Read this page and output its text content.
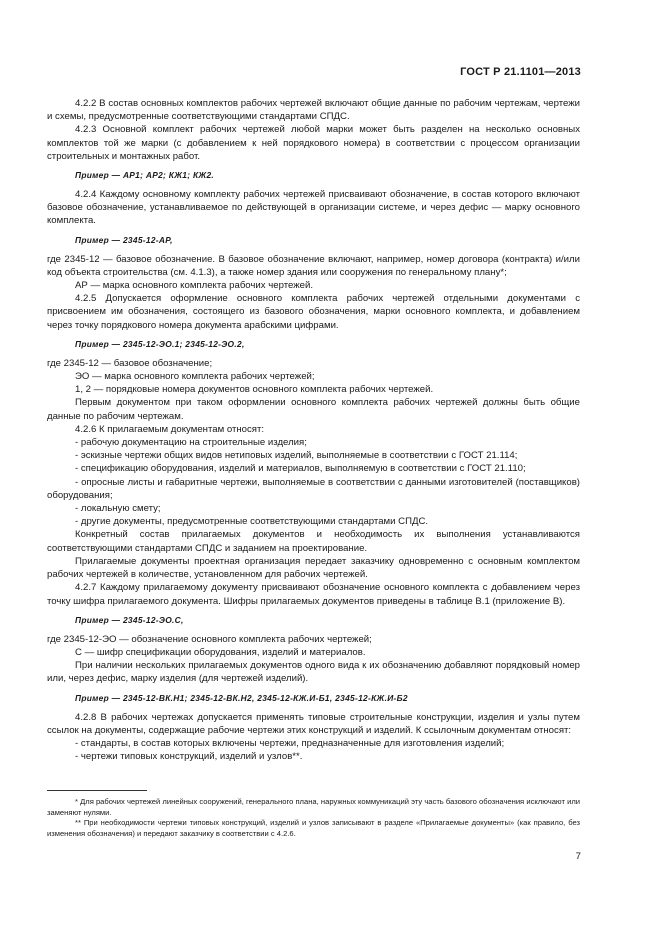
ГОСТ Р 21.1101—2013

4.2.2 В состав основных комплектов рабочих чертежей включают общие данные по рабочим чертежам, чертежи и схемы, предусмотренные соответствующими стандартами СПДС.

4.2.3 Основной комплект рабочих чертежей любой марки может быть разделен на несколько основных комплектов той же марки (с добавлением к ней порядкового номера) в соответствии с процессом организации строительных и монтажных работ.

Пример — АР1; АР2; КЖ1; КЖ2.

4.2.4 Каждому основному комплекту рабочих чертежей присваивают обозначение, в состав которого включают базовое обозначение, устанавливаемое по действующей в организации системе, и через дефис — марку основного комплекта.

Пример — 2345-12-АР,

где 2345-12 — базовое обозначение. В базовое обозначение включают, например, номер договора (контракта) и/или код объекта строительства (см. 4.1.3), а также номер здания или сооружения по генеральному плану*;

АР — марка основного комплекта рабочих чертежей.

4.2.5 Допускается оформление основного комплекта рабочих чертежей отдельными документами с присвоением им обозначения, состоящего из базового обозначения, марки основного комплекта, и добавлением через точку порядкового номера документа арабскими цифрами.

Пример — 2345-12-ЭО.1; 2345-12-ЭО.2,

где 2345-12 — базовое обозначение;

ЭО — марка основного комплекта рабочих чертежей;

1, 2 — порядковые номера документов основного комплекта рабочих чертежей.

Первым документом при таком оформлении основного комплекта рабочих чертежей должны быть общие данные по рабочим чертежам.

4.2.6 К прилагаемым документам относят:

- рабочую документацию на строительные изделия;

- эскизные чертежи общих видов нетиповых изделий, выполняемые в соответствии с ГОСТ 21.114;

- спецификацию оборудования, изделий и материалов, выполняемую в соответствии с ГОСТ 21.110;

- опросные листы и габаритные чертежи, выполняемые в соответствии с данными изготовителей (поставщиков) оборудования;

- локальную смету;

- другие документы, предусмотренные соответствующими стандартами СПДС.

Конкретный состав прилагаемых документов и необходимость их выполнения устанавливаются соответствующими стандартами СПДС и заданием на проектирование.

Прилагаемые документы проектная организация передает заказчику одновременно с основным комплектом рабочих чертежей в количестве, установленном для рабочих чертежей.

4.2.7 Каждому прилагаемому документу присваивают обозначение основного комплекта с добавлением через точку шифра прилагаемого документа. Шифры прилагаемых документов приведены в таблице В.1 (приложение В).

Пример — 2345-12-ЭО.С,

где 2345-12-ЭО — обозначение основного комплекта рабочих чертежей;

С — шифр спецификации оборудования, изделий и материалов.

При наличии нескольких прилагаемых документов одного вида к их обозначению добавляют порядковый номер или, через дефис, марку изделия (для чертежей изделий).

Пример — 2345-12-ВК.Н1; 2345-12-ВК.Н2, 2345-12-КЖ.И-Б1, 2345-12-КЖ.И-Б2

4.2.8 В рабочих чертежах допускается применять типовые строительные конструкции, изделия и узлы путем ссылок на документы, содержащие рабочие чертежи этих конструкций и изделий. К ссылочным документам относят:

- стандарты, в состав которых включены чертежи, предназначенные для изготовления изделий;

- чертежи типовых конструкций, изделий и узлов**.

* Для рабочих чертежей линейных сооружений, генерального плана, наружных коммуникаций эту часть базового обозначения исключают или заменяют нулями.

** При необходимости чертежи типовых конструкций, изделий и узлов записывают в разделе «Прилагаемые документы» (как правило, без изменения обозначения) и передают заказчику в соответствии с 4.2.6.

7
